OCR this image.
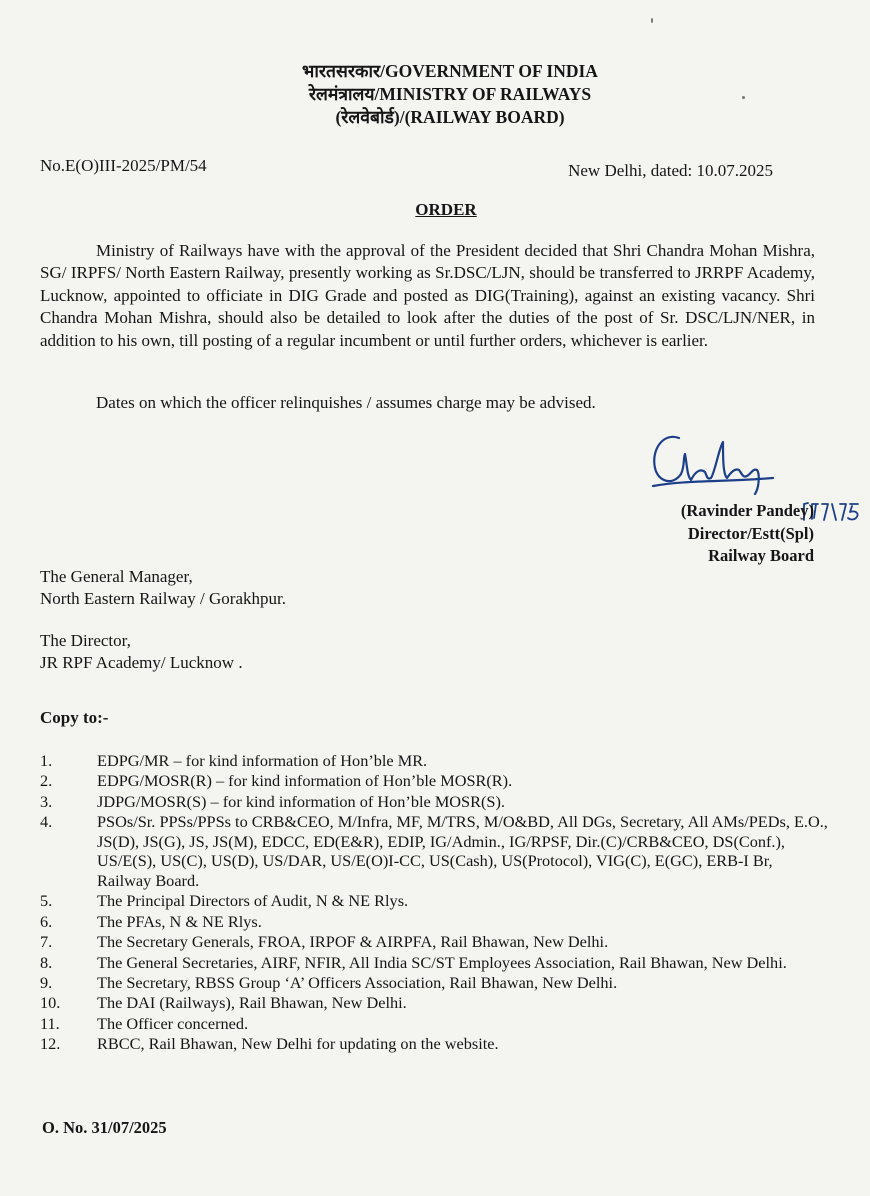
भारतसरकार/GOVERNMENT OF INDIA
रेलमंत्रालय/MINISTRY OF RAILWAYS
(रेलवेबोर्ड)/(RAILWAY BOARD)
No.E(O)III-2025/PM/54	New Delhi, dated: 10.07.2025
ORDER

Ministry of Railways have with the approval of the President decided that Shri Chandra Mohan Mishra, SG/ IRPFS/ North Eastern Railway, presently working as Sr.DSC/LJN, should be transferred to JRRPF Academy, Lucknow, appointed to officiate in DIG Grade and posted as DIG(Training), against an existing vacancy. Shri Chandra Mohan Mishra, should also be detailed to look after the duties of the post of Sr. DSC/LJN/NER, in addition to his own, till posting of a regular incumbent or until further orders, whichever is earlier.

Dates on which the officer relinquishes / assumes charge may be advised.

(Ravinder Pandey)
Director/Estt(Spl)
Railway Board
The General Manager,
North Eastern Railway / Gorakhpur.
The Director,
JR RPF Academy/ Lucknow .
Copy to:-
1.	EDPG/MR – for kind information of Hon’ble MR.
2.	EDPG/MOSR(R) – for kind information of Hon’ble MOSR(R).
3.	JDPG/MOSR(S) – for kind information of Hon’ble MOSR(S).
4.	PSOs/Sr. PPSs/PPSs to CRB&CEO, M/Infra, MF, M/TRS, M/O&BD, All DGs, Secretary, All AMs/PEDs, E.O., JS(D), JS(G), JS, JS(M), EDCC, ED(E&R), EDIP, IG/Admin., IG/RPSF, Dir.(C)/CRB&CEO, DS(Conf.), US/E(S), US(C), US(D), US/DAR, US/E(O)I-CC, US(Cash), US(Protocol), VIG(C), E(GC), ERB-I Br, Railway Board.
5.	The Principal Directors of Audit, N & NE Rlys.
6.	The PFAs, N & NE Rlys.
7.	The Secretary Generals, FROA, IRPOF & AIRPFA, Rail Bhawan, New Delhi.
8.	The General Secretaries, AIRF, NFIR, All India SC/ST Employees Association, Rail Bhawan, New Delhi.
9.	The Secretary, RBSS Group ‘A’ Officers Association, Rail Bhawan, New Delhi.
10. The DAI (Railways), Rail Bhawan, New Delhi.
11. The Officer concerned.
12. RBCC, Rail Bhawan, New Delhi for updating on the website.
O. No. 31/07/2025
